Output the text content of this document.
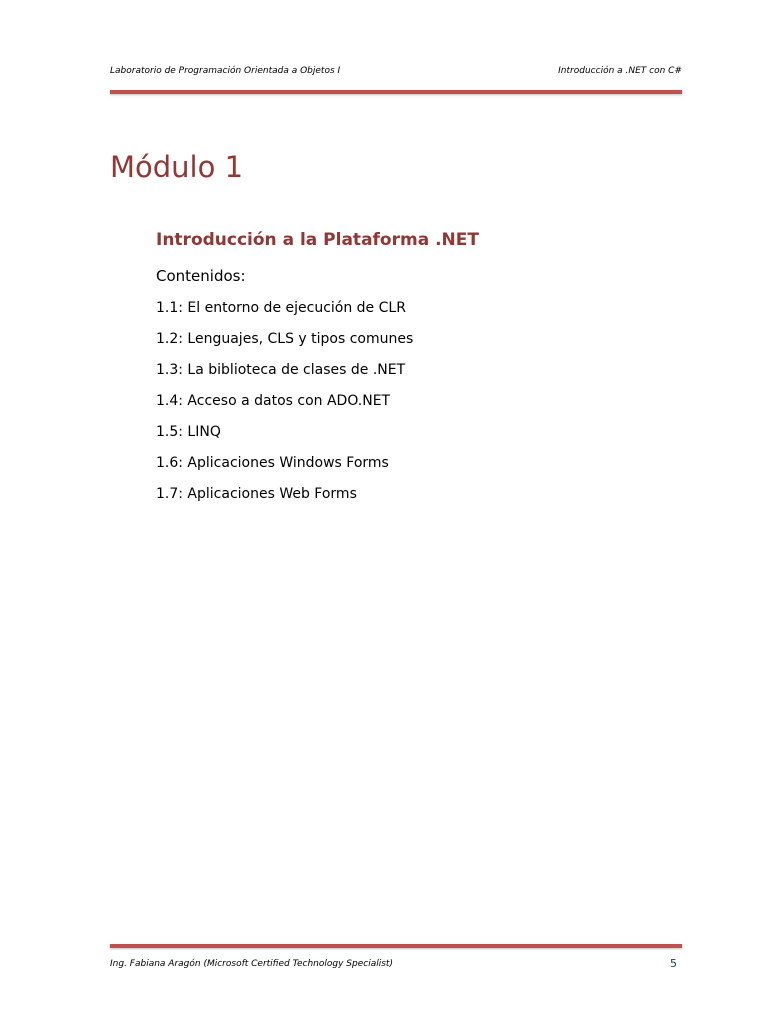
Laboratorio de Programación Orientada a Objetos I	Introducción a .NET con C#
Módulo 1
Introducción a la Plataforma .NET

Contenidos:

1.1: El entorno de ejecución de CLR
1.2: Lenguajes, CLS y tipos comunes
1.3: La biblioteca de clases de .NET
1.4: Acceso a datos con ADO.NET
1.5: LINQ
1.6: Aplicaciones Windows Forms
1.7: Aplicaciones Web Forms
Ing. Fabiana Aragón (Microsoft Certified Technology Specialist)	5
